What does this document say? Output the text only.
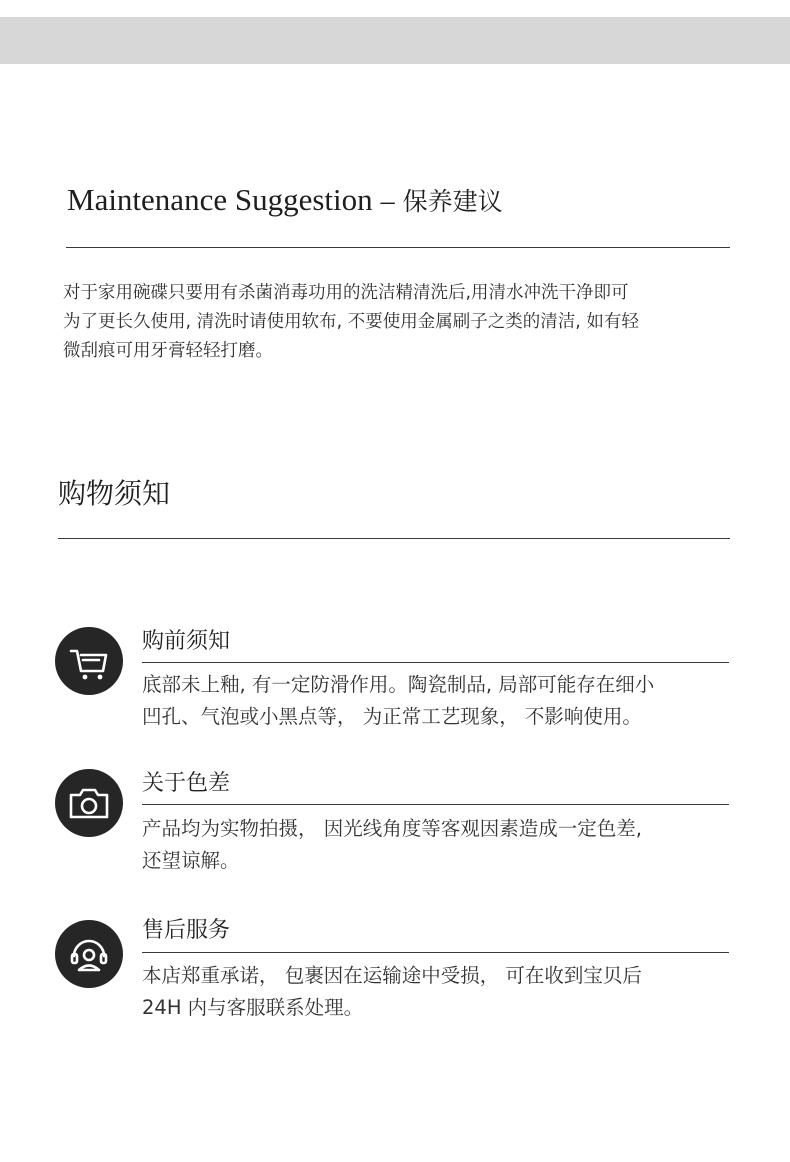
Maintenance Suggestion – 保养建议

对于家用碗碟只要用有杀菌消毒功用的洗洁精清洗后,用清水冲洗干净即可

为了更长久使用, 清洗时请使用软布, 不要使用金属刷子之类的清洁, 如有轻

微刮痕可用牙膏轻轻打磨。

购物须知
购前须知

底部未上釉, 有一定防滑作用。陶瓷制品, 局部可能存在细小

凹孔、气泡或小黑点等， 为正常工艺现象， 不影响使用。

关于色差

产品均为实物拍摄， 因光线角度等客观因素造成一定色差,

还望谅解。

售后服务

本店郑重承诺， 包裹因在运输途中受损， 可在收到宝贝后

24H 内与客服联系处理。
